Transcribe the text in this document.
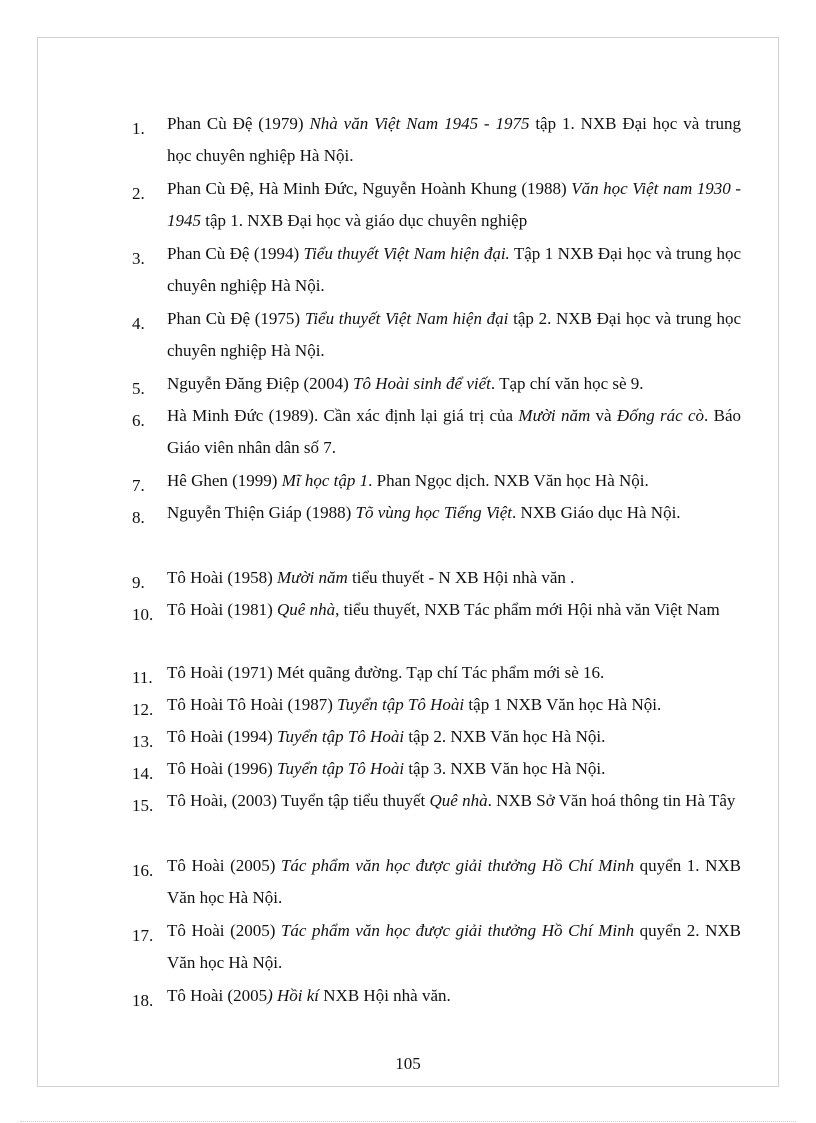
1. Phan Cù Đệ (1979) Nhà văn Việt Nam 1945 - 1975 tập 1. NXB Đại học và trung học chuyên nghiệp Hà Nội.
2. Phan Cù Đệ, Hà Minh Đức, Nguyễn Hoành Khung (1988) Văn học Việt nam 1930 - 1945 tập 1. NXB Đại học và giáo dục chuyên nghiệp
3. Phan Cù Đệ (1994) Tiểu thuyết Việt Nam hiện đại. Tập 1 NXB Đại học và trung học chuyên nghiệp Hà Nội.
4. Phan Cù Đệ (1975) Tiểu thuyết Việt Nam hiện đại tập 2. NXB Đại học và trung học chuyên nghiệp Hà Nội.
5. Nguyễn Đăng Điệp (2004) Tô Hoài sinh để viết. Tạp chí văn học sè 9.
6. Hà Minh Đức (1989). Cần xác định lại giá trị của Mười năm và Đống rác cò. Báo Giáo viên nhân dân số 7.
7. Hê Ghen (1999) Mĩ học tập 1. Phan Ngọc dịch. NXB Văn học Hà Nội.
8. Nguyễn Thiện Giáp (1988) Tõ vùng học Tiếng Việt. NXB Giáo dục Hà Nội.
9. Tô Hoài (1958) Mười năm tiểu thuyết - N XB Hội nhà văn .
10. Tô Hoài (1981) Quê nhà, tiểu thuyết, NXB Tác phẩm mới Hội nhà văn Việt Nam
11. Tô Hoài (1971) Mét quãng đường. Tạp chí Tác phẩm mới sè 16.
12. Tô Hoài Tô Hoài (1987) Tuyển tập Tô Hoài tập 1 NXB Văn học Hà Nội.
13. Tô Hoài (1994) Tuyển tập Tô Hoài tập 2. NXB Văn học Hà Nội.
14. Tô Hoài (1996) Tuyển tập Tô Hoài tập 3. NXB Văn học Hà Nội.
15. Tô Hoài, (2003) Tuyển tập tiểu thuyết Quê nhà. NXB Sở Văn hoá thông tin Hà Tây
16. Tô Hoài (2005) Tác phẩm văn học được giải thưởng Hồ Chí Minh quyển 1. NXB Văn học Hà Nội.
17. Tô Hoài (2005) Tác phẩm văn học được giải thưởng Hồ Chí Minh quyển 2. NXB Văn học Hà Nội.
18. Tô Hoài (2005) Hồi kí NXB Hội nhà văn.
105
